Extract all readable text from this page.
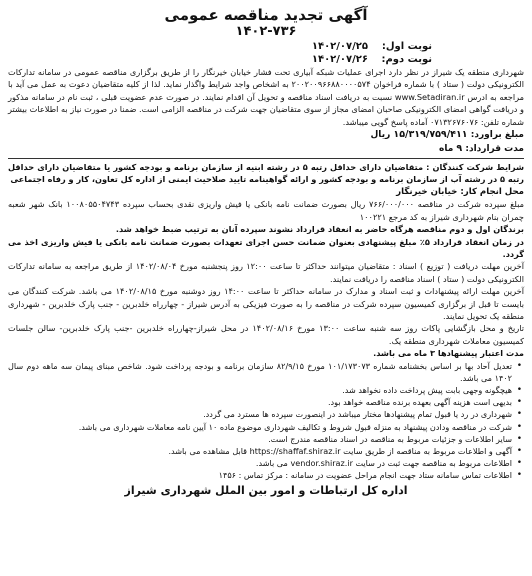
آگهی تجدید مناقصه عمومی
۱۴۰۲-۷۳۶
نوبت اول:
۱۴۰۲/۰۷/۲۵
نوبت دوم:
۱۴۰۲/۰۷/۲۶

شهرداری منطقه یک شیراز در نظر دارد اجرای عملیات شبکه آبیاری تحت فشار خیابان خیرنگار را از طریق برگزاری مناقصه عمومی در سامانه تدارکات الکترونیکی دولت ( ستاد ) با شماره فراخوان ۲۰۰۲۰۰۹۶۶۸۸۰۰۰۰۵۷۴ به اشخاص واجد شرایط واگذار نماید. لذا از کلیه متقاضیان دعوت به عمل می آید با مراجعه به ادرس www.Setadiran.ir نسبت به دریافت اسناد مناقصه و تحویل آن اقدام نمایند. در صورت عدم عضویت قبلی ، ثبت نام در سامانه مذکور و دریافت گواهی امضای الکترونیکی صاحبان امضای مجاز از سوی متقاضیان جهت شرکت در مناقصه الزامی است. ضمنا در صورت نیاز به اطلاعات بیشتر شماره تلفن: ۰۷۱۳۲۶۷۶۰۷۶ آماده پاسخ گویی میباشد.

مبلغ براورد: ۱۵/۳۱۹/۷۵۹/۴۱۱ ریال
مدت قرارداد: ۹ ماه

شرایط شرکت کنندگان : متقاضیان دارای حداقل رتبه ۵ در رشته ابنیه از سازمان برنامه و بودجه کشور یا متقاضیان دارای حداقل رتبه ۵ در رشته آب از سازمان برنامه و بودجه کشور و ارائه گواهینامه تایید صلاحیت ایمنی از اداره کل تعاون، کار و رفاه اجتماعی

محل انجام کار: خیابان خیرنگار

مبلغ سپرده شرکت در مناقصه ۷۶۶/۰۰۰/۰۰۰ ریال بصورت ضمانت نامه بانکی یا فیش واریزی نقدی بحساب سپرده ۱۰۰۸۰۵۵۰۴۷۴۳ بانک شهر شعبه چمران بنام شهرداری شیراز به کد مرجع ۱۰۰۲۲۱

برندگان اول و دوم مناقصه هرگاه حاضر به انعقاد قرارداد نشوند سپرده آنان به ترتیب ضبط خواهد شد.

در زمان انعقاد قرارداد ۵٪ مبلغ پیشنهادی بعنوان ضمانت حسن اجرای تعهدات بصورت ضمانت نامه بانکی یا فیش واریزی اخذ می گردد.

آخرین مهلت دریافت ( توزیع ) اسناد : متقاضیان میتوانند حداکثر تا ساعت ۱۲:۰۰ روز پنجشنبه مورخ ۱۴۰۲/۰۸/۰۴ از طریق مراجعه به سامانه تدارکات الکترونیکی دولت ( ستاد ) اسناد مناقصه را دریافت نمایند.

آخرین مهلت ارائه پیشنهادات و ثبت اسناد و مدارک در سامانه حداکثر تا ساعت ۱۴:۰۰ روز دوشنبه مورخ ۱۴۰۲/۰۸/۱۵ می باشد. شرکت کنندگان می بایست تا قبل از برگزاری کمیسیون سپرده شرکت در مناقصه را به صورت فیزیکی به آدرس شیراز - چهارراه خلدبرین - جنب پارک خلدبرین - شهرداری منطقه یک تحویل نمایند.

تاریخ و محل بازگشایی پاکات روز سه شنبه ساعت ۱۳:۰۰ مورخ ۱۴۰۲/۰۸/۱۶ در محل شیراز-چهارراه خلدبرین -جنب پارک خلدبرین- سالن جلسات کمیسیون معاملات شهرداری منطقه یک.

مدت اعتبار پیشنهادها ۳ ماه می باشد.

• تعدیل آحاد بها بر اساس بخشنامه شماره ۱۰۱/۱۷۳۰۷۳ مورخ ۸۲/۹/۱۵ سازمان برنامه و بودجه پرداخت شود. شاخص مبنای پیمان سه ماهه دوم سال ۱۴۰۲ می باشد.
• هیچگونه وجهی بابت پیش پرداخت داده نخواهد شد.
• بدیهی است هزینه آگهی بعهده برنده مناقصه خواهد بود.
• شهرداری در رد یا قبول تمام پیشنهادها مختار میباشد در اینصورت سپرده ها مسترد می گردد.
• شرکت در مناقصه ودادن پیشنهاد به منزله قبول شروط و تکالیف شهرداری موضوع ماده ۱۰ آیین نامه معاملات شهرداری می باشد.
• سایر اطلاعات و جزئیات مربوط به مناقصه در اسناد مناقصه مندرج است.
• آگهی و اطلاعات مربوط به مناقصه از طریق سایت https://shaffaf.shiraz.ir قابل مشاهده می باشد.
• اطلاعات مربوط به مناقصه جهت ثبت در سایت vendor.shiraz.ir می باشد.
• اطلاعات تماس سامانه ستاد جهت انجام مراحل عضویت در سامانه : مرکز تماس : ۱۴۵۶
اداره کل ارتباطات و امور بین الملل شهرداری شیراز
